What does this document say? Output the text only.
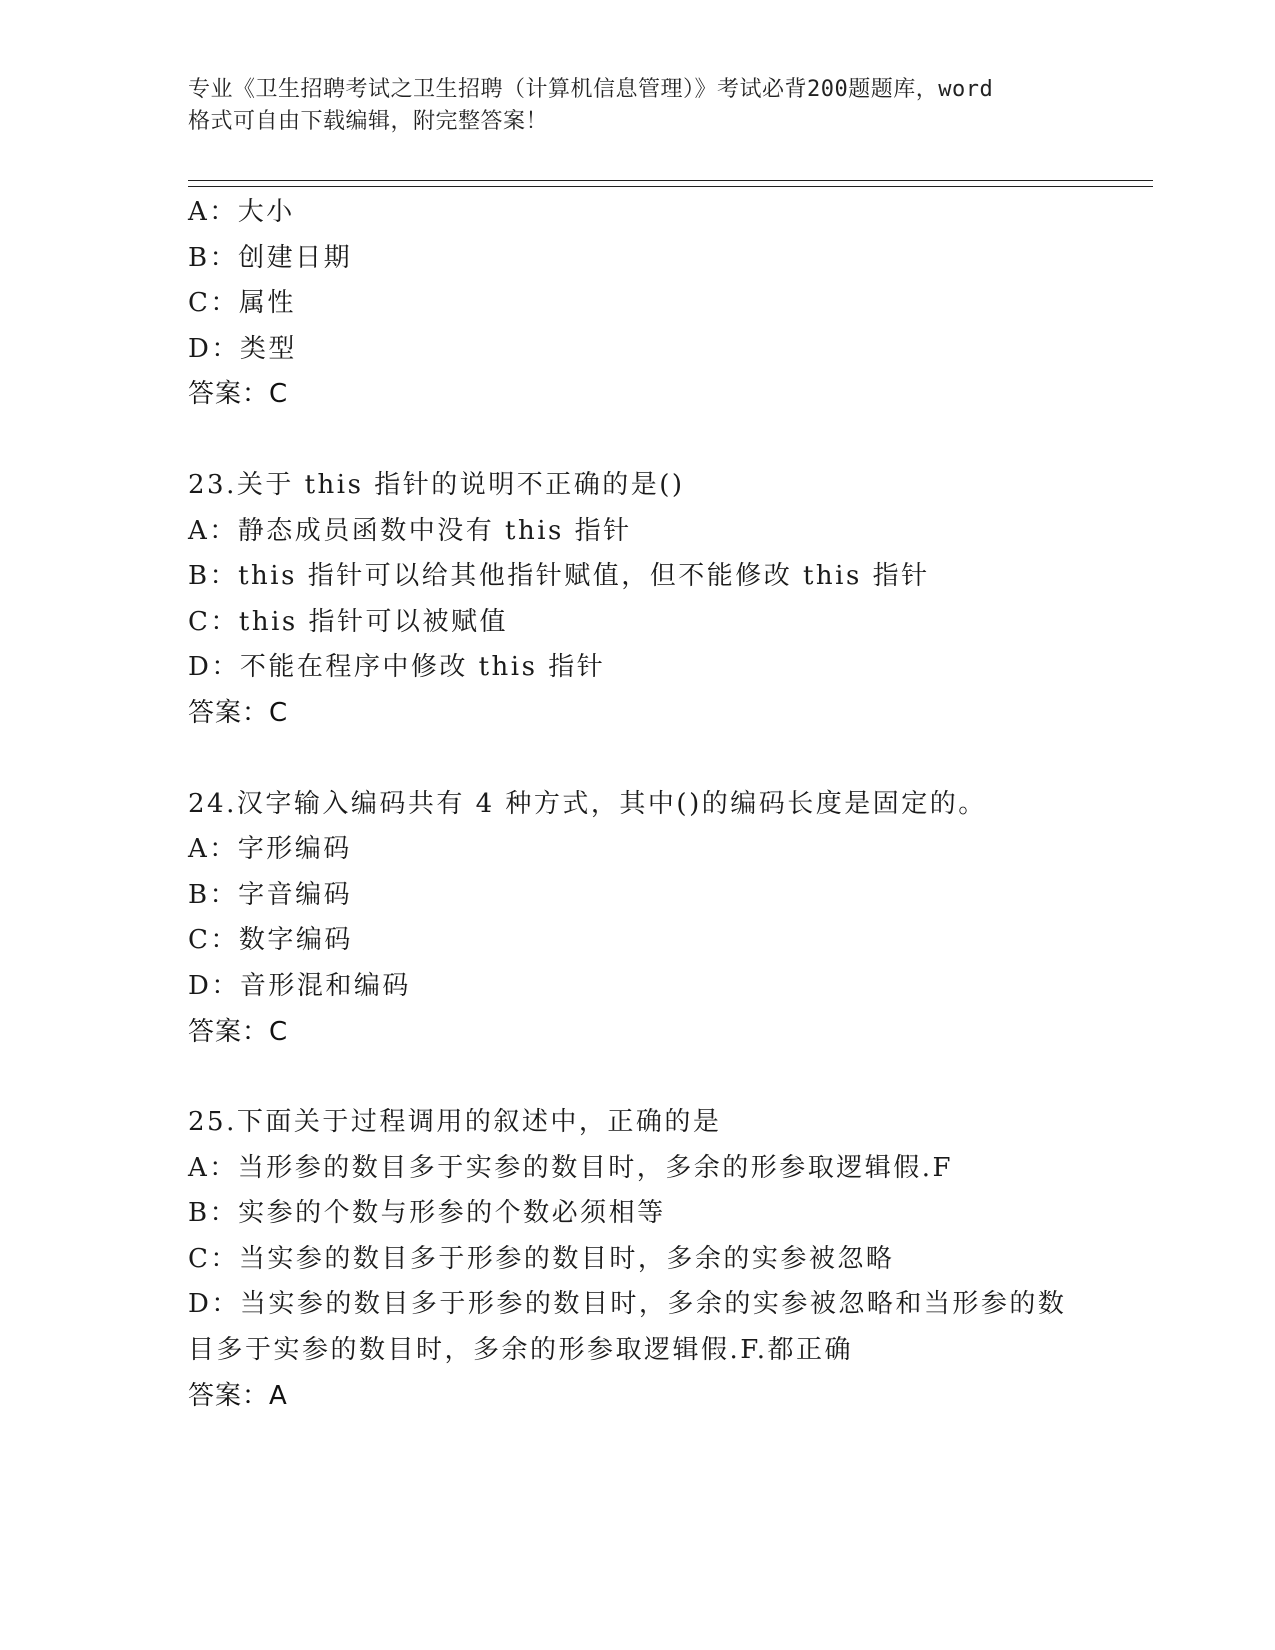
专业《卫生招聘考试之卫生招聘（计算机信息管理）》考试必背200题题库，word
格式可自由下载编辑，附完整答案！
A：大小
B：创建日期
C：属性
D：类型
答案：C
23.关于 this 指针的说明不正确的是()
A：静态成员函数中没有 this 指针
B：this 指针可以给其他指针赋值，但不能修改 this 指针
C：this 指针可以被赋值
D：不能在程序中修改 this 指针
答案：C
24.汉字输入编码共有 4 种方式，其中()的编码长度是固定的。
A：字形编码
B：字音编码
C：数字编码
D：音形混和编码
答案：C
25.下面关于过程调用的叙述中，正确的是
A：当形参的数目多于实参的数目时，多余的形参取逻辑假.F
B：实参的个数与形参的个数必须相等
C：当实参的数目多于形参的数目时，多余的实参被忽略
D：当实参的数目多于形参的数目时，多余的实参被忽略和当形参的数目多于实参的数目时，多余的形参取逻辑假.F.都正确
答案：A
